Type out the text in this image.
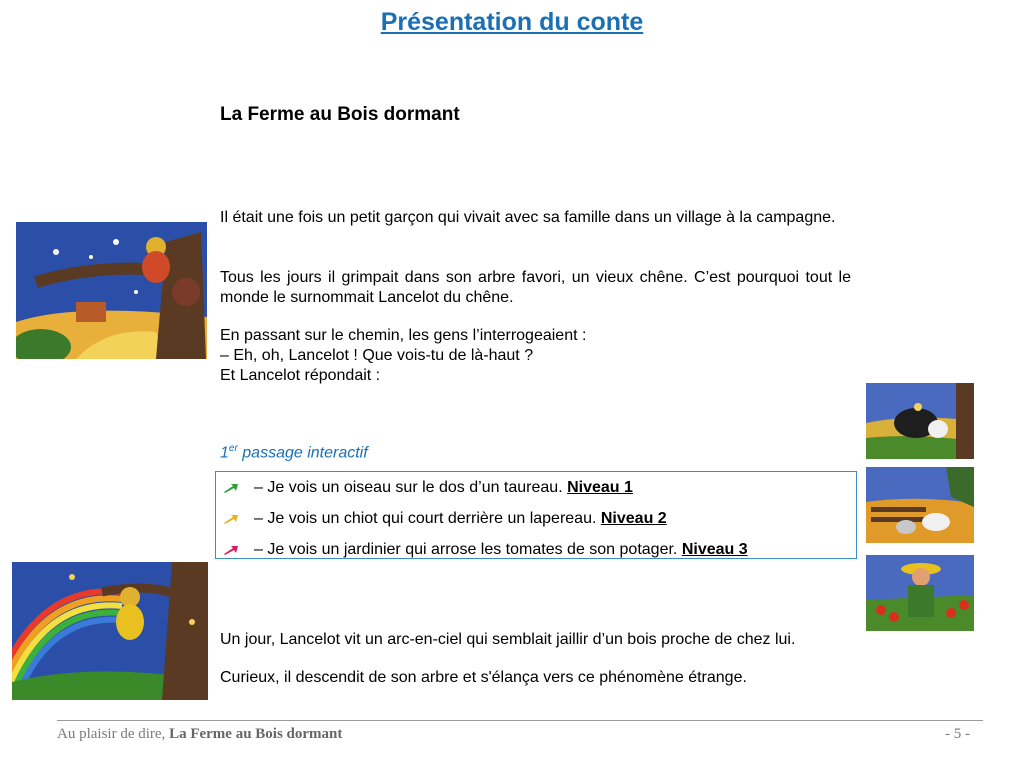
Présentation du conte
La Ferme au Bois dormant
Il était une fois un petit garçon qui vivait avec sa famille dans un village à la campagne.
Tous les jours il grimpait dans son arbre favori, un vieux chêne. C’est pourquoi tout le monde le surnommait Lancelot du chêne.
En passant sur le chemin, les gens l’interrogeaient :
– Eh, oh, Lancelot ! Que vois-tu de là-haut ?
Et Lancelot répondait :
1er passage interactif
– Je vois un oiseau sur le dos d’un taureau. Niveau 1
– Je vois un chiot qui court derrière un lapereau. Niveau 2
– Je vois un jardinier qui arrose les tomates de son potager. Niveau 3
Un jour, Lancelot vit un arc-en-ciel qui semblait jaillir d’un bois proche de chez lui.
Curieux, il descendit de son arbre et s'élança vers ce phénomène étrange.
Au plaisir de dire, La Ferme au Bois dormant	- 5 -
